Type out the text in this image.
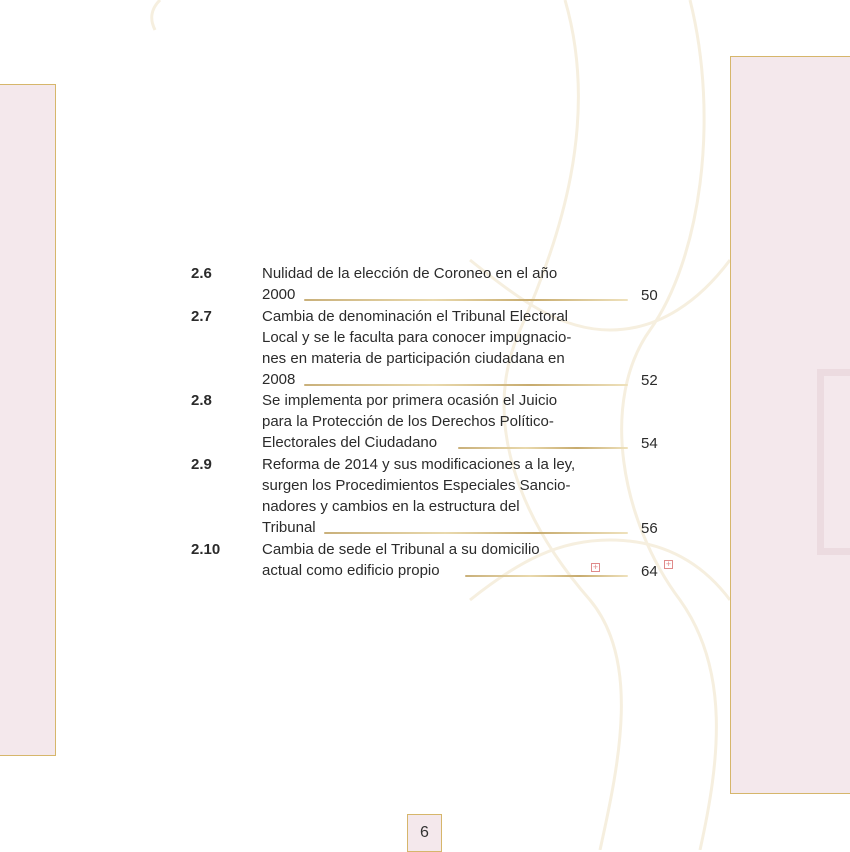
2.6	Nulidad de la elección de Coroneo en el año
2000	50
2.7	Cambia de denominación el Tribunal Electoral
Local y se le faculta para conocer impugnacio-
nes en materia de participación ciudadana en
2008	52
2.8	Se implementa por primera ocasión el Juicio
para la Protección de los Derechos Político-
Electorales del Ciudadano	54
2.9	Reforma de 2014 y sus modificaciones a la ley,
surgen los Procedimientos Especiales Sancio-
nadores y cambios en la estructura del
Tribunal	56
2.10	Cambia de sede el Tribunal a su domicilio
actual como edificio propio	+	64 +
6
